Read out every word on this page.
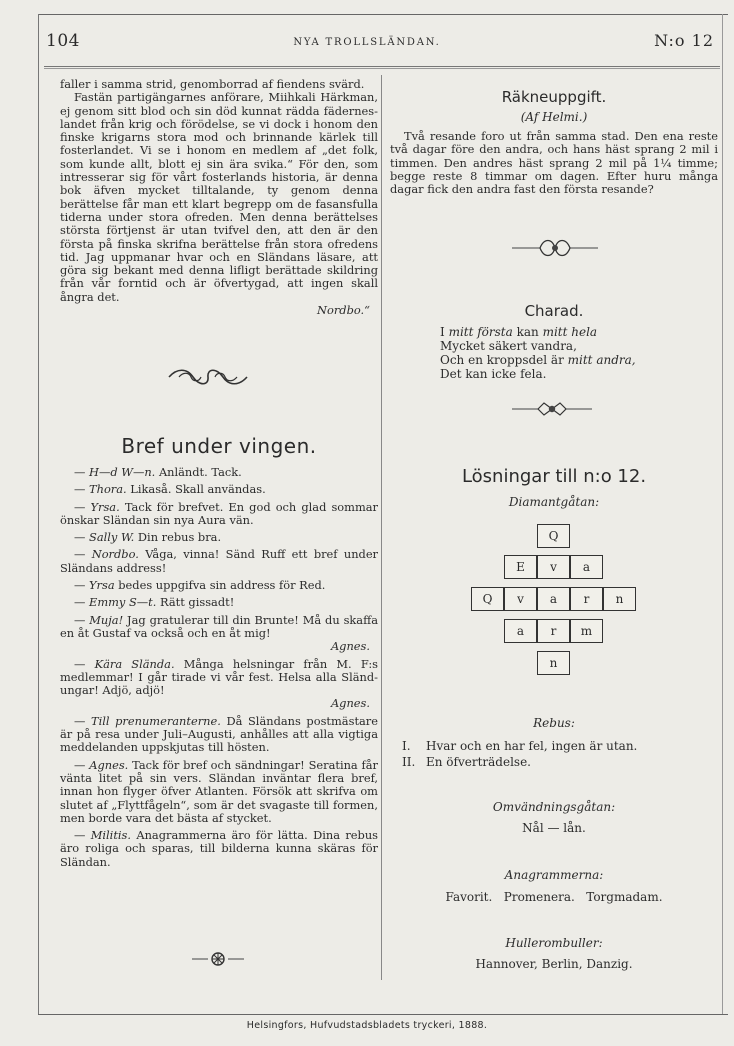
104	NYA TROLLSLÄNDAN.	N:o 12

faller i samma strid, genomborrad af fiendens svärd.

Fastän partigängarnes anförare, Miihkali Härkman, ej genom sitt blod och sin död kunnat rädda fäderneslandet från krig och förödelse, se vi dock i honom den finske krigarns stora mod och brinnande kärlek till fosterlandet. Vi se i honom en medlem af „det folk, som kunde allt, blott ej sin ära svika.“ För den, som intresserar sig för vårt fosterlands historia, är denna bok äfven mycket tilltalande, ty genom denna berättelse får man ett klart begrepp om de fasansfulla tiderna under stora ofreden. Men denna berättelses största förtjenst är utan tvifvel den, att den är den första på finska skrifna berättelse från stora ofredens tid. Jag uppmanar hvar och en Sländans läsare, att göra sig bekant med denna lifligt berättade skildring från vår forntid och är öfvertygad, att ingen skall ångra det.

Nordbo.“

Bref under vingen.

— H—d W—n. Anländt. Tack.

— Thora. Likaså. Skall användas.

— Yrsa. Tack för brefvet. En god och glad sommar önskar Sländan sin nya Aura vän.

— Sally W. Din rebus bra.

— Nordbo. Våga, vinna! Sänd Ruff ett bref under Sländans address!

— Yrsa bedes uppgifva sin address för Red.

— Emmy S—t. Rätt gissadt!

— Muja! Jag gratulerar till din Brunte! Må du skaffa en åt Gustaf va också och en åt mig!

Agnes.

— Kära Slända. Många helsningar från M. F:s medlemmar! I går tirade vi vår fest. Helsa alla Sländ-ungar! Adjö, adjö!

Agnes.

— Till prenumeranterne. Då Sländans postmästare är på resa under Juli–Augusti, anhålles att alla vigtiga meddelanden uppskjutas till hösten.

— Agnes. Tack för bref och sändningar! Seratina får vänta litet på sin vers. Sländan inväntar flera bref, innan hon flyger öfver Atlanten. Försök att skrifva om slutet af „Flyttfågeln“, som är det svagaste till formen, men borde vara det bästa af stycket.

— Militis. Anagrammerna äro för lätta. Dina rebus äro roliga och sparas, till bilderna kunna skäras för Sländan.

Räkneuppgift.
(Af Helmi.)

Två resande foro ut från samma stad. Den ena reste två dagar före den andra, och hans häst sprang 2 mil i timmen. Den andres häst sprang 2 mil på 1¼ timme; begge reste 8 timmar om dagen. Efter huru många dagar fick den andra fast den första resande?

Charad.
I mitt första kan mitt hela
Mycket säkert vandra,
Och en kroppsdel är mitt andra,
Det kan icke fela.
Lösningar till n:o 12.
Diamantgåtan:
Q
E	v	a
Q	v	a	r	n
a	r	m
n
Rebus:
I. Hvar och en har fel, ingen är utan.
II. En öfverträdelse.
Omvändningsgåtan:
Nål — lån.
Anagrammerna:
Favorit.   Promenera.   Torgmadam.
Hullerombuller:
Hannover, Berlin, Danzig.
Helsingfors, Hufvudstadsbladets tryckeri, 1888.
